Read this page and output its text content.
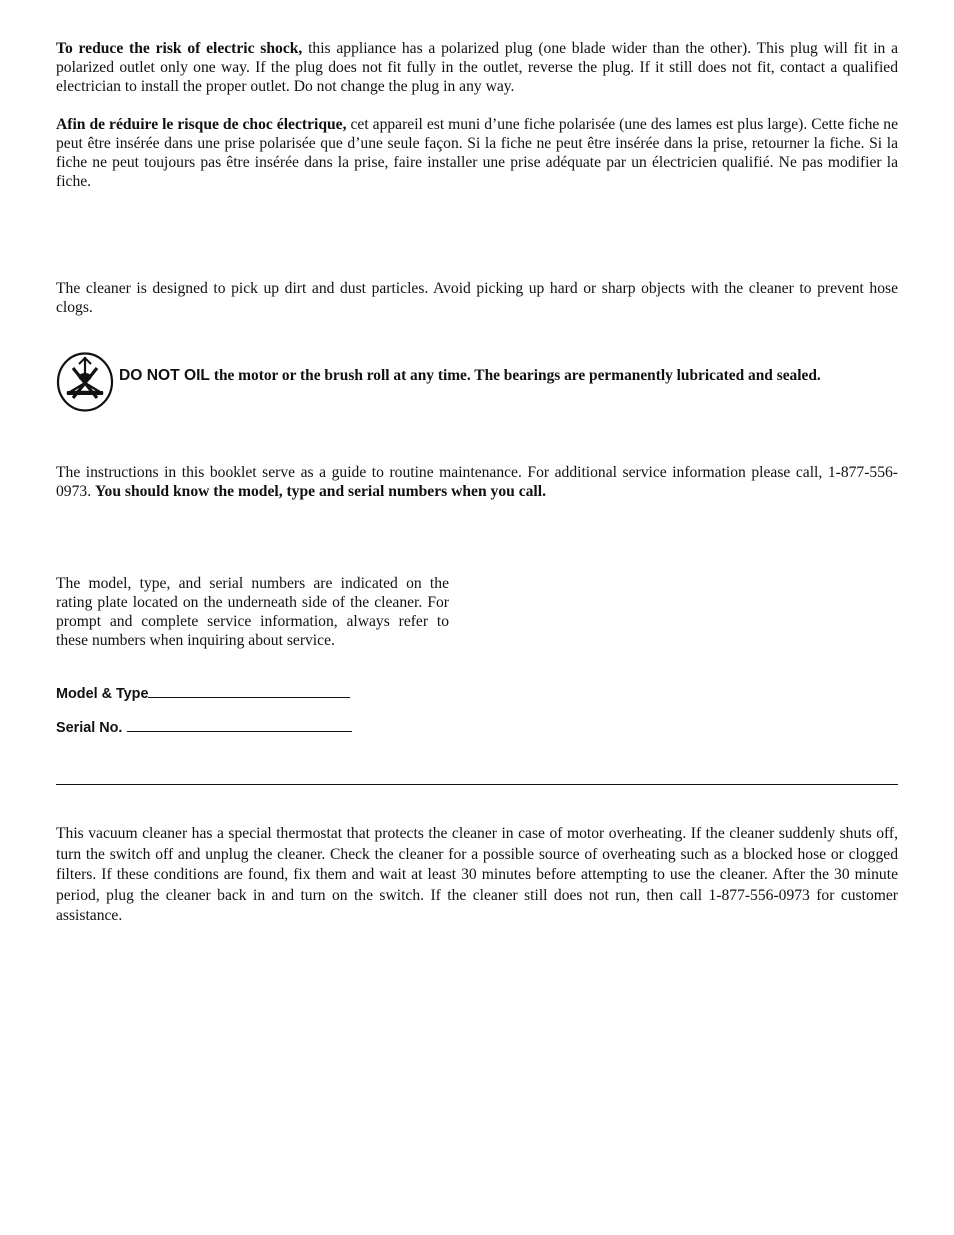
To reduce the risk of electric shock, this appliance has a polarized plug (one blade wider than the other). This plug will fit in a polarized outlet only one way. If the plug does not fit fully in the outlet, reverse the plug. If it still does not fit, contact a qualified electrician to install the proper outlet. Do not change the plug in any way.

Afin de réduire le risque de choc électrique, cet appareil est muni d’une fiche polarisée (une des lames est plus large). Cette fiche ne peut être insérée dans une prise polarisée que d’une seule façon. Si la fiche ne peut être insérée dans la prise, retourner la fiche. Si la fiche ne peut toujours pas être insérée dans la prise, faire installer une prise adéquate par un électricien qualifié. Ne pas modifier la fiche.

The cleaner is designed to pick up dirt and dust particles. Avoid picking up hard or sharp objects with the cleaner to prevent hose clogs.

DO NOT OIL the motor or the brush roll at any time. The bearings are permanently lubricated and sealed.

The instructions in this booklet serve as a guide to routine maintenance. For additional service information please call, 1-877-556-0973. You should know the model, type and serial numbers when you call.

The model, type, and serial numbers are indicated on the rating plate located on the underneath side of the cleaner. For prompt and complete service information, always refer to these numbers when inquiring about service.

Model & Type
Serial No.

This vacuum cleaner has a special thermostat that protects the cleaner in case of motor overheating. If the cleaner suddenly shuts off, turn the switch off and unplug the cleaner. Check the cleaner for a possible source of overheating such as a blocked hose or clogged filters. If these conditions are found, fix them and wait at least 30 minutes before attempting to use the cleaner. After the 30 minute period, plug the cleaner back in and turn on the switch. If the cleaner still does not run, then call 1-877-556-0973 for customer assistance.
